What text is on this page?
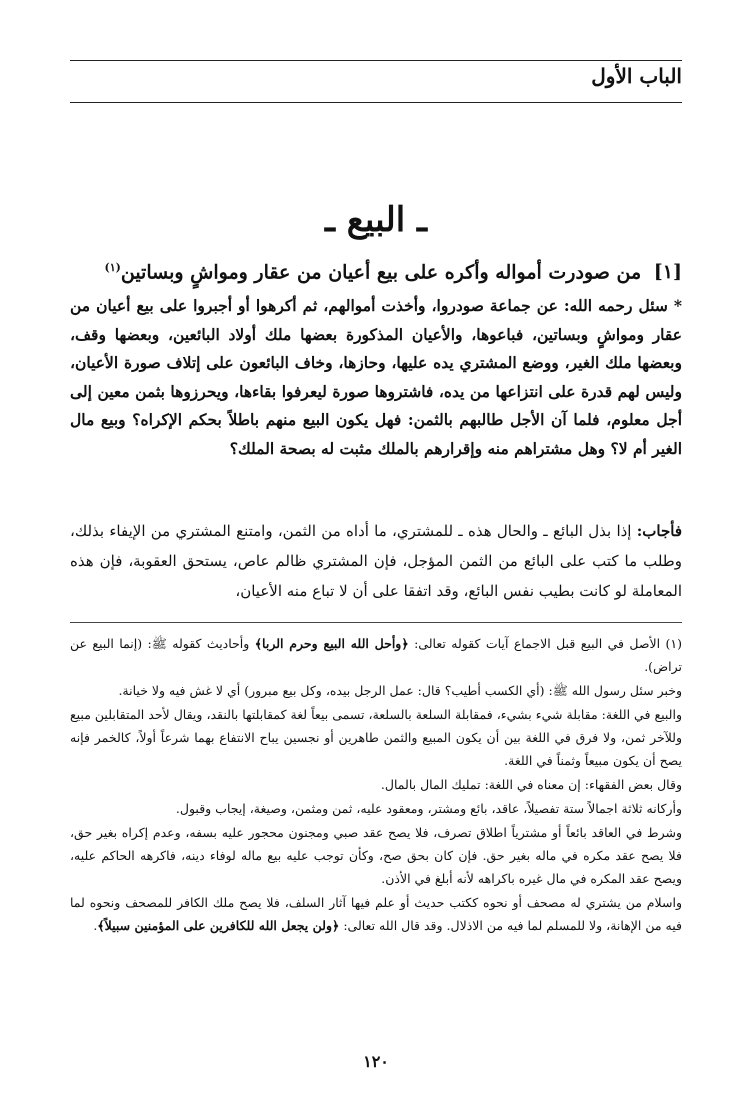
الباب الأول
ـ البيع ـ
[١] من صودرت أمواله وأكره على بيع أعيان من عقار ومواشٍ وبساتين$^{(١)}$
* سئل رحمه الله: عن جماعة صودروا، وأخذت أموالهم، ثم أكرهوا أو أجبروا على بيع أعيان من عقار ومواشٍ وبساتين، فباعوها، والأعيان المذكورة بعضها ملك أولاد البائعين، وبعضها وقف، وبعضها ملك الغير، ووضع المشتري يده عليها، وحازها، وخاف البائعون على إتلاف صورة الأعيان، وليس لهم قدرة على انتزاعها من يده، فاشتروها صورة ليعرفوا بقاءها، ويحرزوها بثمن معين إلى أجل معلوم، فلما آن الأجل طالبهم بالثمن: فهل يكون البيع منهم باطلاً بحكم الإكراه؟ وبيع مال الغير أم لا؟ وهل مشتراهم منه وإقرارهم بالملك مثبت له بصحة الملك؟
فأجاب: إذا بذل البائع ـ والحال هذه ـ للمشتري، ما أداه من الثمن، وامتنع المشتري من الإيفاء بذلك، وطلب ما كتب على البائع من الثمن المؤجل، فإن المشتري ظالم عاص، يستحق العقوبة، فإن هذه المعاملة لو كانت بطيب نفس البائع، وقد اتفقا على أن لا تباع منه الأعيان،

(١) الأصل في البيع قبل الاجماع آيات كقوله تعالى: ﴿وأحل الله البيع وحرم الربا﴾ وأحاديث كقوله ﷺ: (إنما البيع عن تراض).

وخبر سئل رسول الله ﷺ: (أي الكسب أطيب؟ قال: عمل الرجل بيده، وكل بيع مبرور) أي لا غش فيه ولا خيانة.

والبيع في اللغة: مقابلة شيء بشيء، فمقابلة السلعة بالسلعة، تسمى بيعاً لغة كمقابلتها بالنقد، ويقال لأحد المتقابلين مبيع وللآخر ثمن، ولا فرق في اللغة بين أن يكون المبيع والثمن طاهرين أو نجسين يباح الانتفاع بهما شرعاً أولاً، كالخمر فإنه يصح أن يكون مبيعاً وثمناً في اللغة.

وقال بعض الفقهاء: إن معناه في اللغة: تمليك المال بالمال.

وأركانه ثلاثة اجمالاً ستة تفصيلاً، عاقد، بائع ومشتر، ومعقود عليه، ثمن ومثمن، وصيغة، إيجاب وقبول.

وشرط في العاقد بائعاً أو مشترياً اطلاق تصرف، فلا يصح عقد صبي ومجنون محجور عليه بسفه، وعدم إكراه بغير حق، فلا يصح عقد مكره في ماله بغير حق. فإن كان بحق صح، وكأن توجب عليه بيع ماله لوفاء دينه، فاكرهه الحاكم عليه، ويصح عقد المكره في مال غيره باكراهه لأنه أبلغ في الأذن.

واسلام من يشتري له مصحف أو نحوه ككتب حديث أو علم فيها آثار السلف، فلا يصح ملك الكافر للمصحف ونحوه لما فيه من الإهانة، ولا للمسلم لما فيه من الاذلال. وقد قال الله تعالى: ﴿ولن يجعل الله للكافرين على المؤمنين سبيلاً﴾.

١٢٠
